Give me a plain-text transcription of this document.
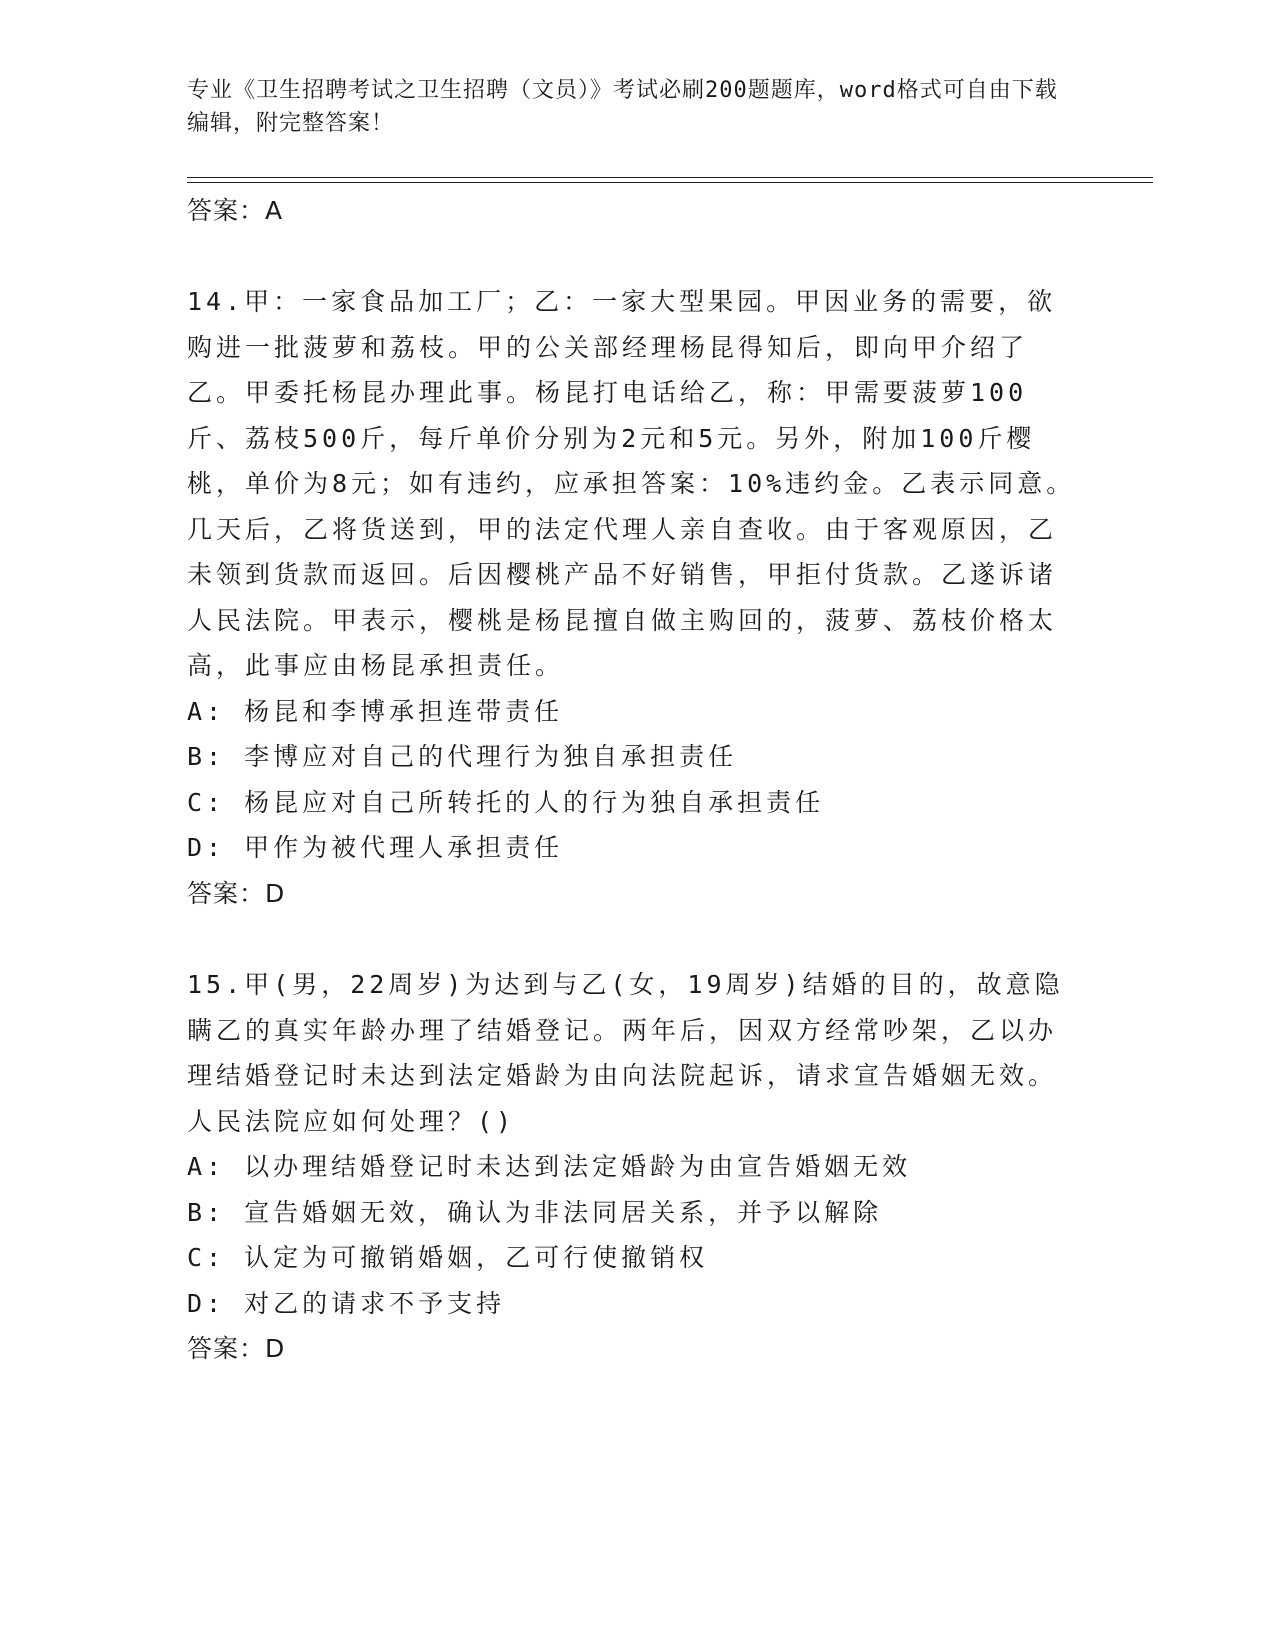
专业《卫生招聘考试之卫生招聘（文员）》考试必刷200题题库，word格式可自由下载编辑，附完整答案！

答案：A

14.甲：一家食品加工厂；乙：一家大型果园。甲因业务的需要，欲购进一批菠萝和荔枝。甲的公关部经理杨昆得知后，即向甲介绍了乙。甲委托杨昆办理此事。杨昆打电话给乙，称：甲需要菠萝100斤、荔枝500斤，每斤单价分别为2元和5元。另外，附加100斤樱桃，单价为8元；如有违约，应承担答案：10%违约金。乙表示同意。几天后，乙将货送到，甲的法定代理人亲自查收。由于客观原因，乙未领到货款而返回。后因樱桃产品不好销售，甲拒付货款。乙遂诉诸人民法院。甲表示，樱桃是杨昆擅自做主购回的，菠萝、荔枝价格太高，此事应由杨昆承担责任。

A: 杨昆和李博承担连带责任

B: 李博应对自己的代理行为独自承担责任

C: 杨昆应对自己所转托的人的行为独自承担责任

D: 甲作为被代理人承担责任

答案：D

15.甲(男，22周岁)为达到与乙(女，19周岁)结婚的目的，故意隐瞒乙的真实年龄办理了结婚登记。两年后，因双方经常吵架，乙以办理结婚登记时未达到法定婚龄为由向法院起诉，请求宣告婚姻无效。人民法院应如何处理？()

A: 以办理结婚登记时未达到法定婚龄为由宣告婚姻无效

B: 宣告婚姻无效，确认为非法同居关系，并予以解除

C: 认定为可撤销婚姻，乙可行使撤销权

D: 对乙的请求不予支持

答案：D
